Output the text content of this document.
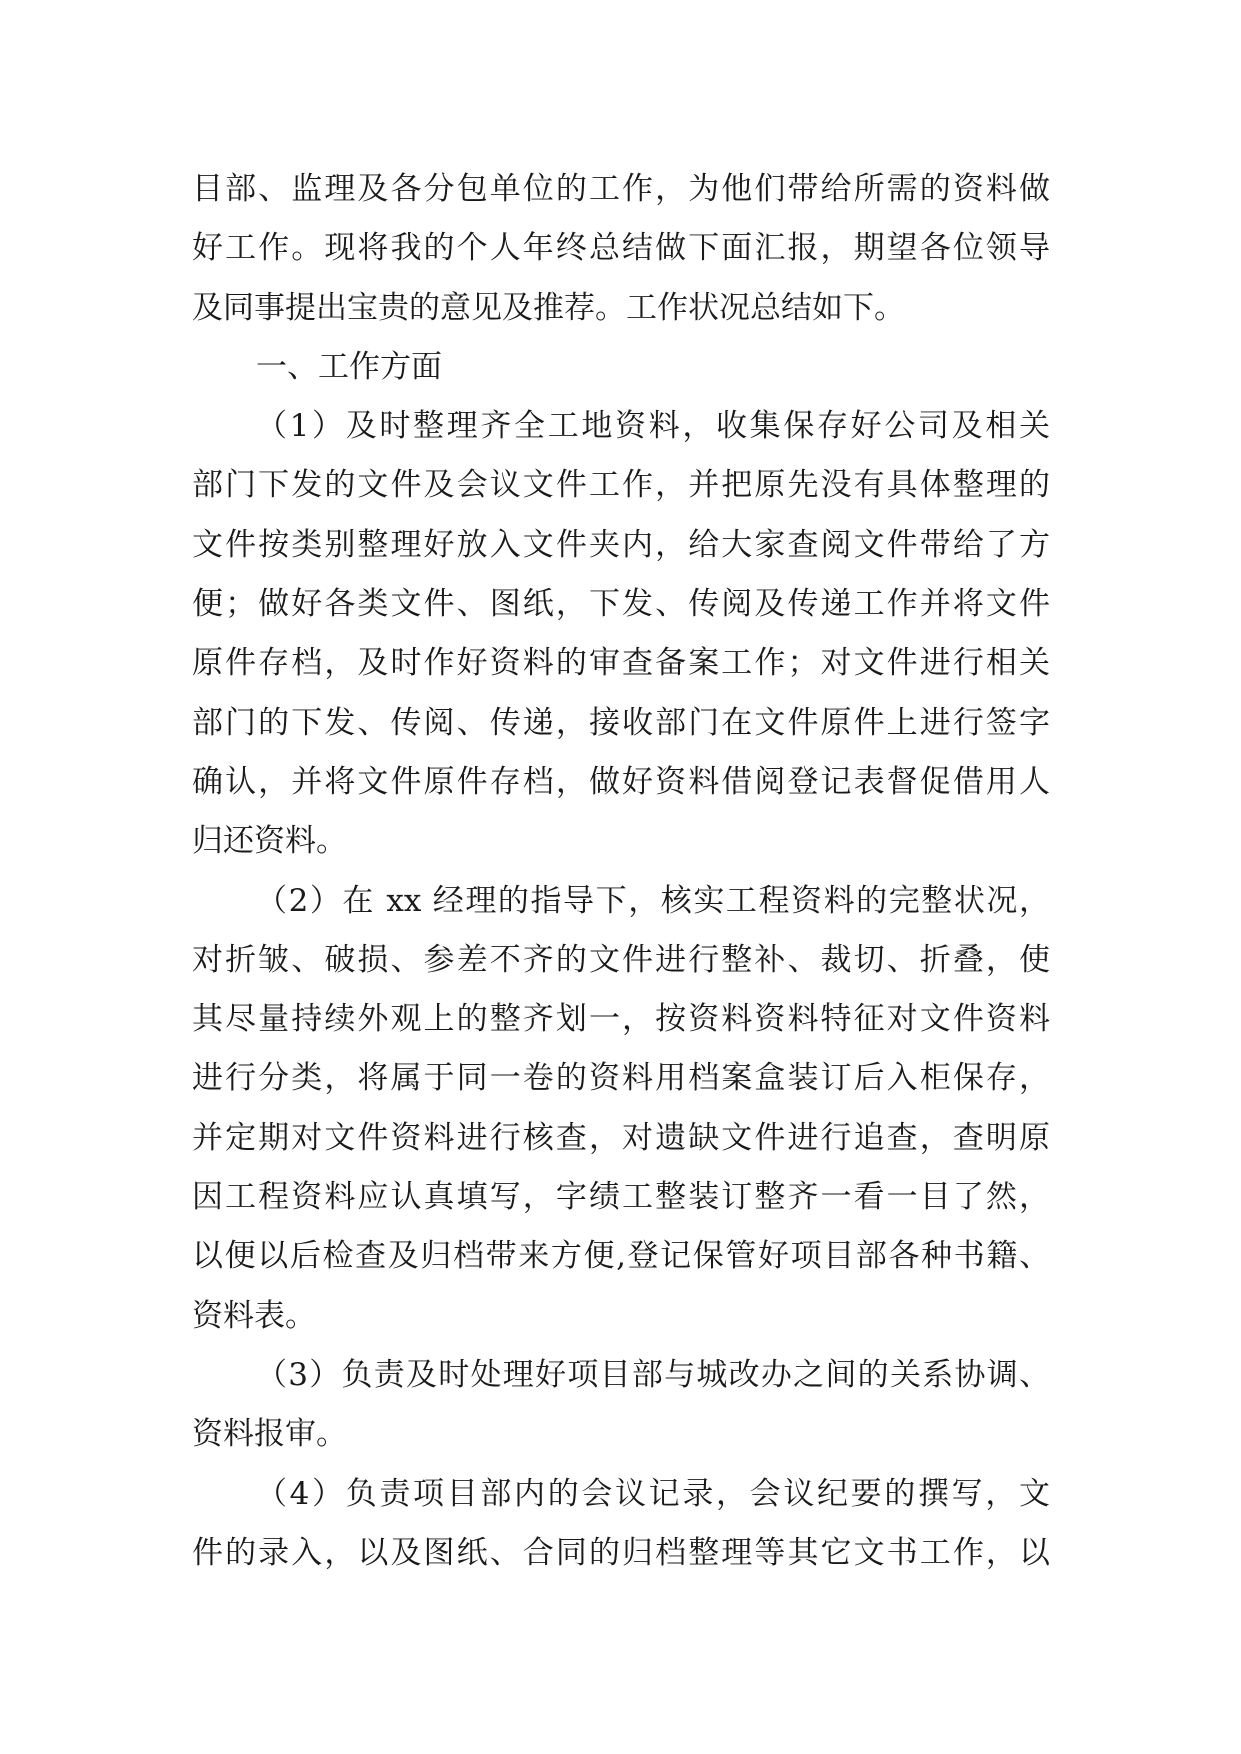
目部、监理及各分包单位的工作，为他们带给所需的资料做
好工作。现将我的个人年终总结做下面汇报，期望各位领导
及同事提出宝贵的意见及推荐。工作状况总结如下。
一、工作方面
（1）及时整理齐全工地资料，收集保存好公司及相关
部门下发的文件及会议文件工作，并把原先没有具体整理的
文件按类别整理好放入文件夹内，给大家查阅文件带给了方
便；做好各类文件、图纸，下发、传阅及传递工作并将文件
原件存档，及时作好资料的审查备案工作；对文件进行相关
部门的下发、传阅、传递，接收部门在文件原件上进行签字
确认，并将文件原件存档，做好资料借阅登记表督促借用人
归还资料。
（2）在 xx 经理的指导下，核实工程资料的完整状况，
对折皱、破损、参差不齐的文件进行整补、裁切、折叠，使
其尽量持续外观上的整齐划一，按资料资料特征对文件资料
进行分类，将属于同一卷的资料用档案盒装订后入柜保存，
并定期对文件资料进行核查，对遗缺文件进行追查，查明原
因工程资料应认真填写，字绩工整装订整齐一看一目了然，
以便以后检查及归档带来方便,登记保管好项目部各种书籍、
资料表。
（3）负责及时处理好项目部与城改办之间的关系协调、
资料报审。
（4）负责项目部内的会议记录，会议纪要的撰写，文
件的录入，以及图纸、合同的归档整理等其它文书工作，以
